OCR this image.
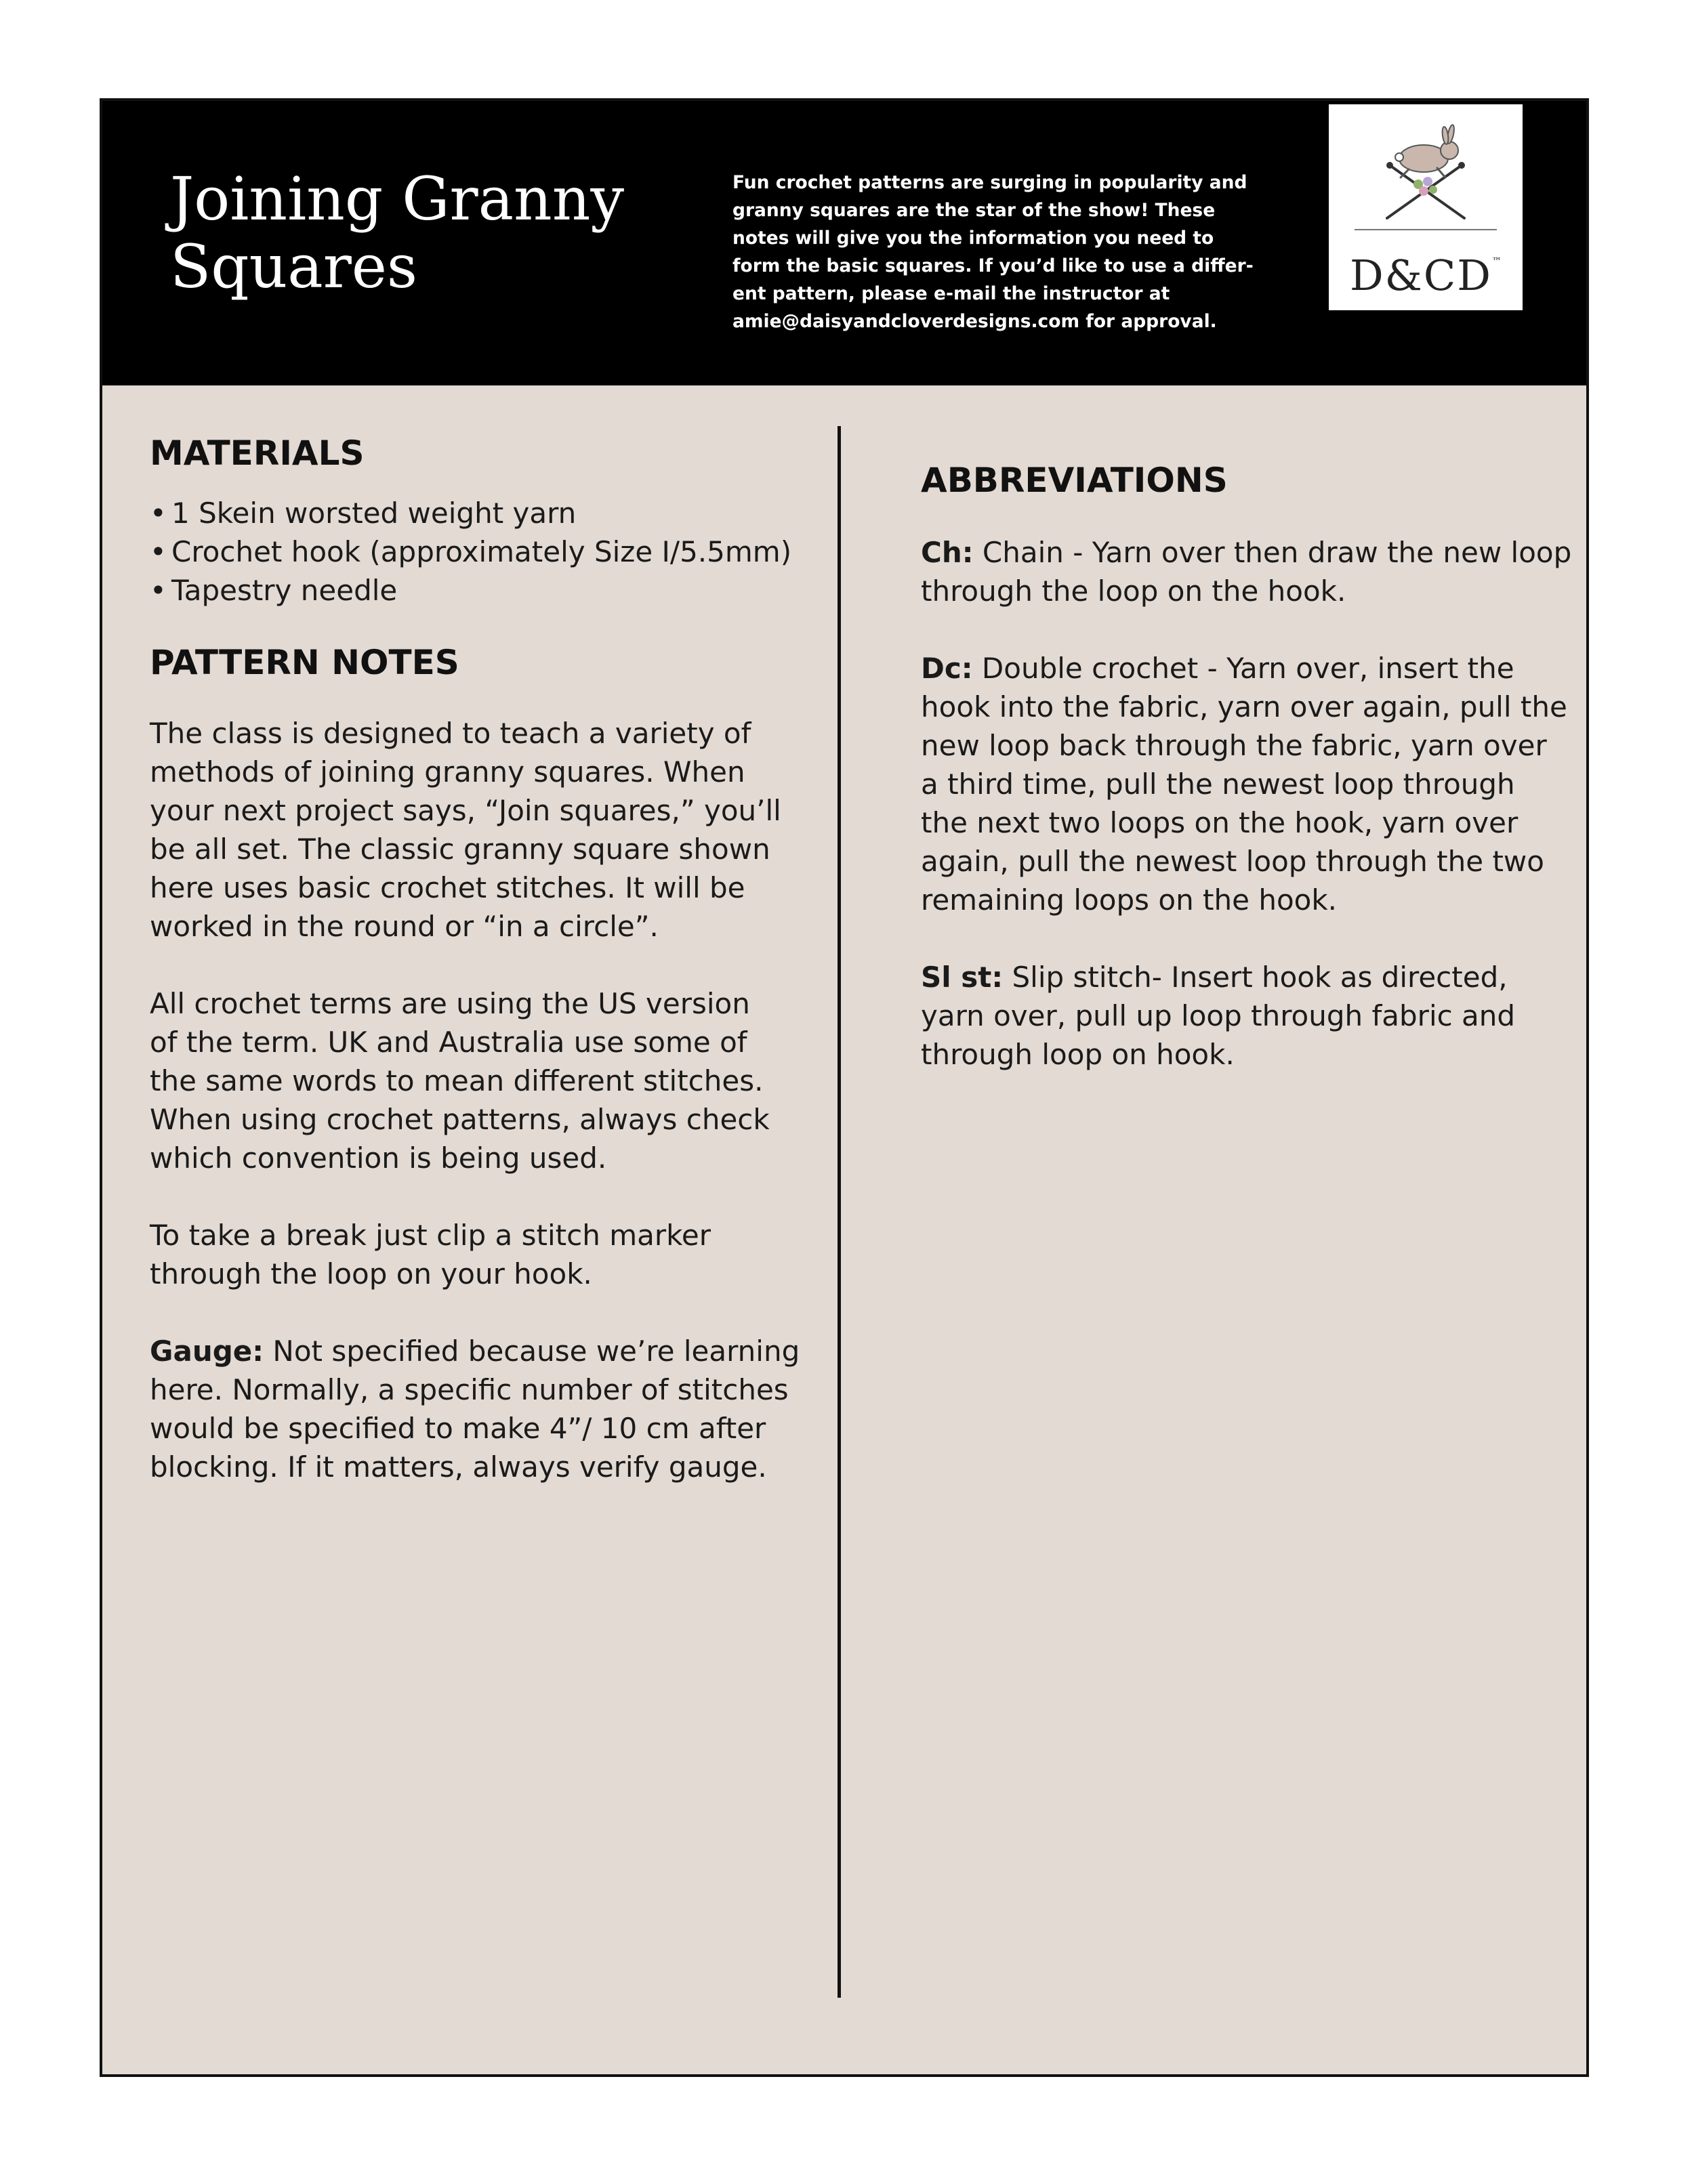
Joining Granny
Squares
Fun crochet patterns are surging in popularity and
granny squares are the star of the show! These
notes will give you the information you need to
form the basic squares. If you’d like to use a differ-
ent pattern, please e-mail the instructor at
amie@daisyandcloverdesigns.com for approval.
D&CD™
MATERIALS
• 1 Skein worsted weight yarn
• Crochet hook (approximately Size I/5.5mm)
• Tapestry needle
PATTERN NOTES

The class is designed to teach a variety of
methods of joining granny squares. When
your next project says, “Join squares,” you’ll
be all set. The classic granny square shown
here uses basic crochet stitches. It will be
worked in the round or “in a circle”.

All crochet terms are using the US version
of the term. UK and Australia use some of
the same words to mean different stitches.
When using crochet patterns, always check
which convention is being used.

To take a break just clip a stitch marker
through the loop on your hook.

Gauge: Not specified because we’re learning
here. Normally, a specific number of stitches
would be specified to make 4”/ 10 cm after
blocking. If it matters, always verify gauge.

ABBREVIATIONS

Ch: Chain - Yarn over then draw the new loop
through the loop on the hook.

Dc: Double crochet - Yarn over, insert the
hook into the fabric, yarn over again, pull the
new loop back through the fabric, yarn over
a third time, pull the newest loop through
the next two loops on the hook, yarn over
again, pull the newest loop through the two
remaining loops on the hook.

Sl st: Slip stitch- Insert hook as directed,
yarn over, pull up loop through fabric and
through loop on hook.
